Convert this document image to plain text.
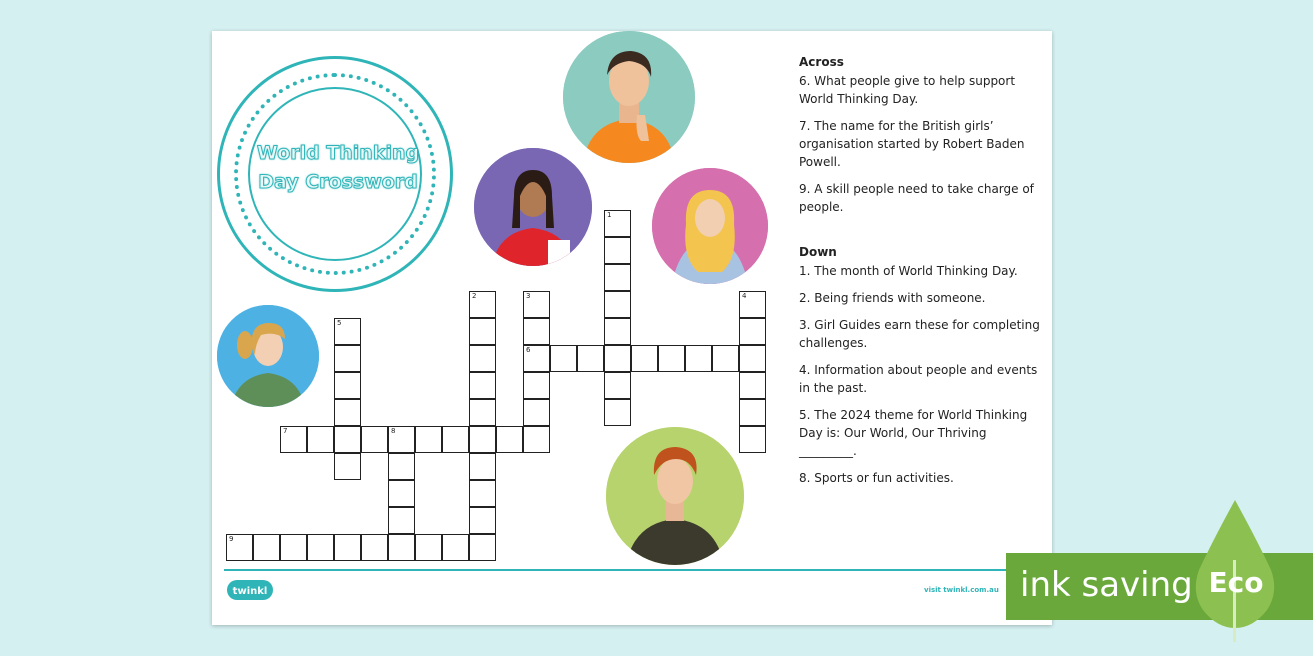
World Thinking
Day Crossword
1
2	3
6
4
5
7	8
9
Across
6. What people give to help support World Thinking Day.
7. The name for the British girls’ organisation started by Robert Baden Powell.
9. A skill people need to take charge of people.
Down
1. The month of World Thinking Day.
2. Being friends with someone.
3. Girl Guides earn these for completing challenges.
4. Information about people and events in the past.
5. The 2024 theme for World Thinking Day is: Our World, Our Thriving _________.
8. Sports or fun activities.
twinkl	visit twinkl.com.au ink saving Eco
